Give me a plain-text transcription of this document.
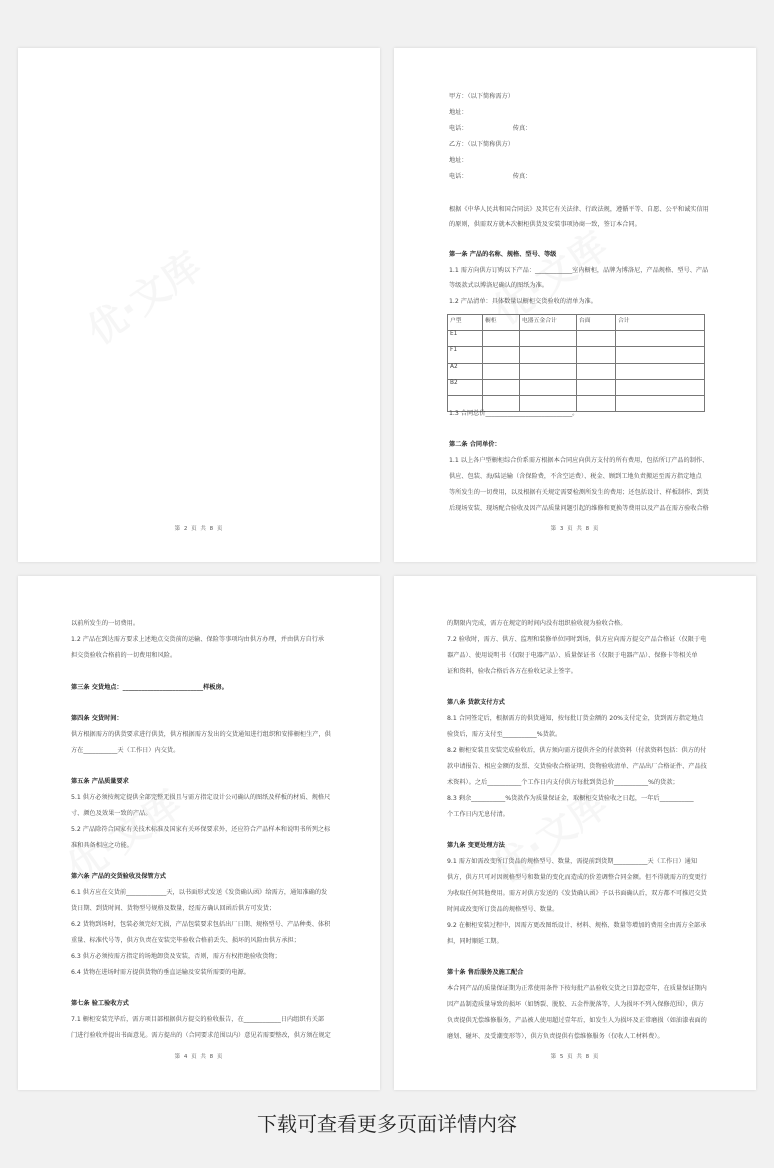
第 2 页 共 8 页
甲方：（以下简称需方）
地址：
电话：                       传真：
乙方：（以下简称供方）
地址：
电话：                       传真：
根据《中华人民共和国合同法》及其它有关法律、行政法规，遵循平等、自愿、公平和诚实信用
的原则，供需双方就本次橱柜供货及安装事项协商一致，签订本合同。
第一条 产品的名称、规格、型号、等级
1.1 需方向供方订购以下产品：____________室内橱柜，品牌为博洛尼，产品规格、型号、产品
等级款式以博洛尼确认的图纸为准。
1.2 产品清单：具体数量以橱柜交货验收的清单为准。
户型	橱柜	电器五金合计	台面	合计
E1				
F1				
A2				
B2				

1.3 合同总价____________________________。
第二条 合同单价：
1.1 以上各户型橱柜综合价系需方根据本合同应向供方支付的所有费用，包括所订产品的制作、
供应、包装、海/陆运输（含保险费，不含空运费）、税金、顾到工地负责搬运至需方指定地点
等所发生的一切费用，以及根据有关规定需要检测所发生的费用；还包括设计、样板制作、到货
后现场安装、现场配合验收及因产品质量问题引起的维修和更换等费用以及产品在需方验收合格
第 3 页 共 8 页
以前所发生的一切费用。
1.2 产品在到达需方要求上述地点交货前的运输、保险等事项均由供方办理，并由供方自行承
担交货验收合格前的一切费用和风险。
第三条 交货地点：__________________________样板房。
第四条 交货时间：
供方根据需方的供货要求进行供货，供方根据需方发出的交货通知进行组织和安排橱柜生产，供
方在___________天（工作日）内交货。
第五条 产品质量要求
5.1 供方必须按规定提供全部完整无损且与需方指定设计公司确认的图纸及样板的材质、规格尺
寸、颜色及效果一致的产品。
5.2 产品除符合国家有关技术标准及国家有关环保要求外，还应符合产品样本和说明书所列之标
准和具备相应之功能。
第六条 产品的交货验收及保管方式
6.1 供方应在交货前_____________天，以书面形式发送《发货确认函》给需方，通知准确的发
货日期、到货时间、货物型号规格及数量，经需方确认回函后供方可发货；
6.2 货物到场时，包装必须完好无损，产品包装要求包括出厂日期、规格型号、产品种类、体积
重量、标准代号等，供方负责在安装完毕验收合格前丢失、损坏的风险由供方承担；
6.3 供方必须按需方指定的场地卸货及安装，否则，需方有权拒绝验收货物；
6.4 货物在进场时需方提供货物的垂直运输及安装所需要的电源。
第七条 验工验收方式
7.1 橱柜安装完毕后，需方项目部根据供方提交的验收报告，在____________日内组织有关部
门进行验收并提出书面意见。需方提出的（合同要求范围以内）意见若需要整改，供方须在规定
第 4 页 共 8 页
的期限内完成，需方在规定的时间内没有组织验收视为验收合格。
7.2 验收时，需方、供方、监理和装修单位同时到场，供方应向需方提交产品合格证（仅限于电
器产品）、使用说明书（仅限于电器产品）、质量保证书（仅限于电器产品）、保修卡等相关单
证和资料，验收合格后各方在验收记录上签字。
第八条 货款支付方式
8.1 合同签定后，根据需方的供货通知，按每批订货金额的 20%支付定金，货到需方指定地点
验货后，需方支付至___________%货款。
8.2 橱柜安装且安装完成验收后，供方须向需方提供齐全的付款资料（付款资料包括：供方的付
款申请报告、相应金额的发票、交货验收合格证明、货物验收清单、产品出厂合格证件、产品技
术资料）。之后___________个工作日内支付供方每批到货总价___________%的货款；
8.3 剩余___________%货款作为质量保证金，取橱柜交货验收之日起，一年后___________
个工作日内无息付清。
第九条 变更处理方法
9.1 需方如需改变所订货品的规格型号、数量，需提前到货期___________天（工作日）通知
供方，供方只可对因规格型号和数量的变化而造成的价差调整合同金额。但不得就需方的变更行
为收取任何其他费用。需方对供方发送的《发货确认函》予以书面确认后，双方都不可推迟交货
时间或改变所订货品的规格型号、数量。
9.2 在橱柜安装过程中，因需方更改图纸设计、材料、规格、数量等增加的费用全由需方全部承
担，同时顺延工期。
第十条 售后服务及施工配合
本合同产品的质量保证期为正常使用条件下按每批产品验收交货之日算起壹年，在质量保证期内
因产品制造质量导致的损坏（如锈裂、脱胶、五金件脱落等，人为损坏不列入保修范围），供方
负责提供无偿维修服务，产品被人使用超过壹年后，如发生人为损坏及正常磨损（如油漆表面的
磨划、碰坏、及受潮变形等），供方负责提供有偿维修服务（仅收人工材料费）。
第 5 页 共 8 页
下载可查看更多页面详情内容
